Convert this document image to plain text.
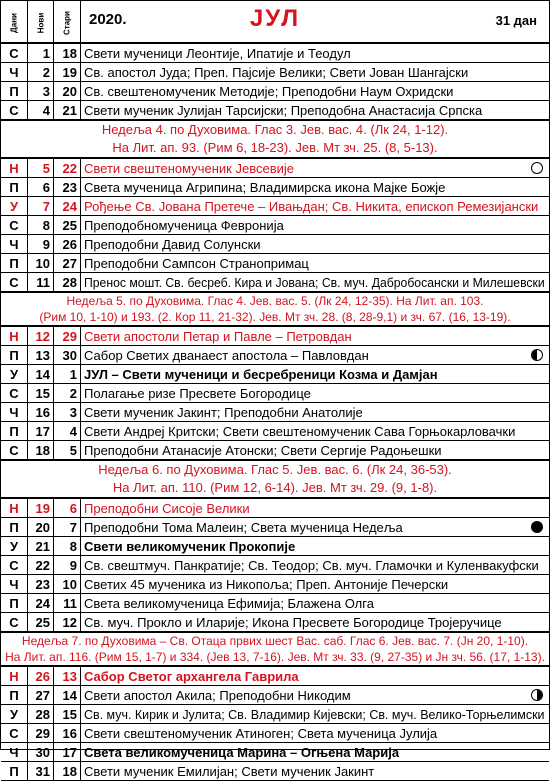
Дани Нови Стари 2020.	ЈУЛ	31 дан
С	1 18 Свети мученици Леонтије, Ипатије и Теодул
Ч	2 19 Св. апостол Јуда; Преп. Пајсије Велики; Свети Јован Шангајски
П	3 20 Св. свештеномученик Методије; Преподобни Наум Охридски
С	4 21 Свети мученик Јулијан Тарсијски; Преподобна Анастасија Српска
Недеља 4. по Духовима. Глас 3. Јев. вас. 4. (Лк 24, 1-12).
На Лит. ап. 93. (Рим 6, 18-23). Јев. Мт зч. 25. (8, 5-13).
Н	5 22 Свети свештеномученик Јевсевије
П	6 23 Света мученица Агрипина; Владимирска икона Мајке Божје
У	7 24 Рођење Св. Јована Претече – Ивањдан; Св. Никита, епископ Ремезијански
С	8 25 Преподобномученица Февронија
Ч	9 26 Преподобни Давид Солунски
П	10 27 Преподобни Сампсон Странопримац
С	11 28 Пренос мошт. Св. бесреб. Кира и Јована; Св. муч. Дабробосански и Милешевски
Недеља 5. по Духовима. Глас 4. Јев. вас. 5. (Лк 24, 12-35). На Лит. ап. 103.
(Рим 10, 1-10) и 193. (2. Кор 11, 21-32). Јев. Мт зч. 28. (8, 28-9,1) и зч. 67. (16, 13-19).
Н	12 29 Свети апостоли Петар и Павле – Петровдан
П	13 30 Сабор Светих дванаест апостола – Павловдан
У	14	1 ЈУЛ – Свети мученици и бесребреници Козма и Дамјан
С	15	2 Полагање ризе Пресвете Богородице
Ч	16	3 Свети мученик Јакинт; Преподобни Анатолије
П	17	4 Свети Андреј Критски; Свети свештеномученик Сава Горњокарловачки
С	18	5 Преподобни Атанасије Атонски; Свети Сергије Радоњешки
Недеља 6. по Духовима. Глас 5. Јев. вас. 6. (Лк 24, 36-53).
На Лит. ап. 110. (Рим 12, 6-14). Јев. Мт зч. 29. (9, 1-8).
Н	19	6 Преподобни Сисоје Велики
П	20	7 Преподобни Тома Малеин; Света мученица Недеља
У	21	8 Свети великомученик Прокопије
С	22	9 Св. свештмуч. Панкратије; Св. Теодор; Св. муч. Гламочки и Куленвакуфски
Ч	23 10 Светих 45 мученика из Никопоља; Преп. Антоније Печерски
П	24	11 Света великомученица Ефимија; Блажена Олга
С	25 12 Св. муч. Прокло и Иларије; Икона Пресвете Богородице Тројеручице
Недеља 7. по Духовима – Св. Отаца првих шест Вас. саб. Глас 6. Јев. вас. 7. (Јн 20, 1-10).
На Лит. ап. 116. (Рим 15, 1-7) и 334. (Јев 13, 7-16). Јев. Мт зч. 33. (9, 27-35) и Јн зч. 56. (17, 1-13).
Н	26 13 Сабор Светог архангела Гаврила
П	27 14 Свети апостол Акила; Преподобни Никодим
У	28 15 Св. муч. Кирик и Јулита; Св. Владимир Кијевски; Св. муч. Велико-Торњелимски
С	29 16 Свети свештеномученик Атиноген; Света мученица Јулија
Ч	30 17 Света великомученица Марина – Огњена Марија
П	31 18 Свети мученик Емилијан; Свети мученик Јакинт
